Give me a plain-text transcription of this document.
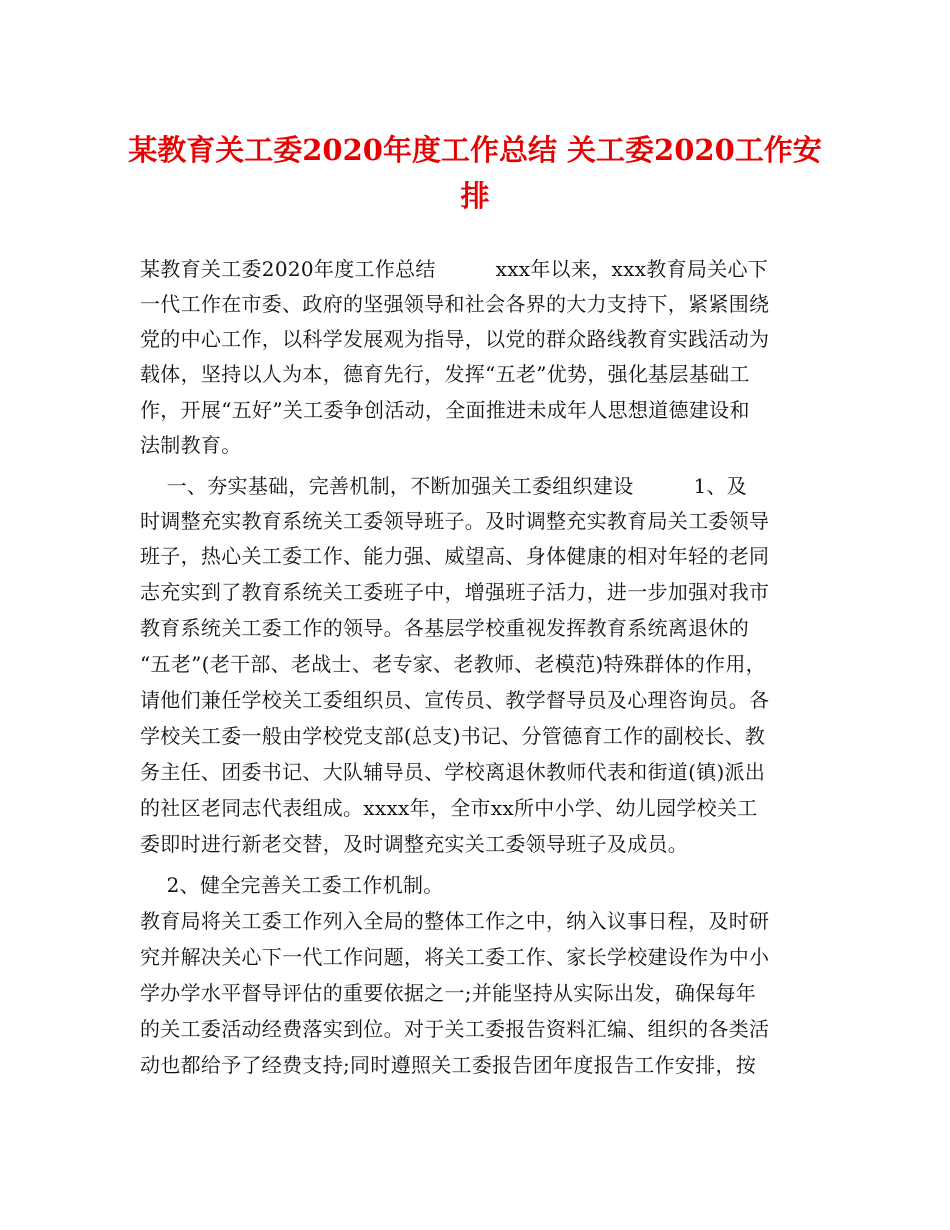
某教育关工委2020年度工作总结 关工委2020工作安
排
某教育关工委2020年度工作总结         xxx年以来，xxx教育局关心下
一代工作在市委、政府的坚强领导和社会各界的大力支持下，紧紧围绕
党的中心工作，以科学发展观为指导，以党的群众路线教育实践活动为
载体，坚持以人为本，德育先行，发挥“五老”优势，强化基层基础工
作，开展“五好”关工委争创活动，全面推进未成年人思想道德建设和
法制教育。
一、夯实基础，完善机制，不断加强关工委组织建设         1、及
时调整充实教育系统关工委领导班子。及时调整充实教育局关工委领导
班子，热心关工委工作、能力强、威望高、身体健康的相对年轻的老同
志充实到了教育系统关工委班子中，增强班子活力，进一步加强对我市
教育系统关工委工作的领导。各基层学校重视发挥教育系统离退休的
“五老”(老干部、老战士、老专家、老教师、老模范)特殊群体的作用，
请他们兼任学校关工委组织员、宣传员、教学督导员及心理咨询员。各
学校关工委一般由学校党支部(总支)书记、分管德育工作的副校长、教
务主任、团委书记、大队辅导员、学校离退休教师代表和街道(镇)派出
的社区老同志代表组成。xxxx年，全市xx所中小学、幼儿园学校关工
委即时进行新老交替，及时调整充实关工委领导班子及成员。
2、健全完善关工委工作机制。
教育局将关工委工作列入全局的整体工作之中，纳入议事日程，及时研
究并解决关心下一代工作问题，将关工委工作、家长学校建设作为中小
学办学水平督导评估的重要依据之一;并能坚持从实际出发，确保每年
的关工委活动经费落实到位。对于关工委报告资料汇编、组织的各类活
动也都给予了经费支持;同时遵照关工委报告团年度报告工作安排，按
